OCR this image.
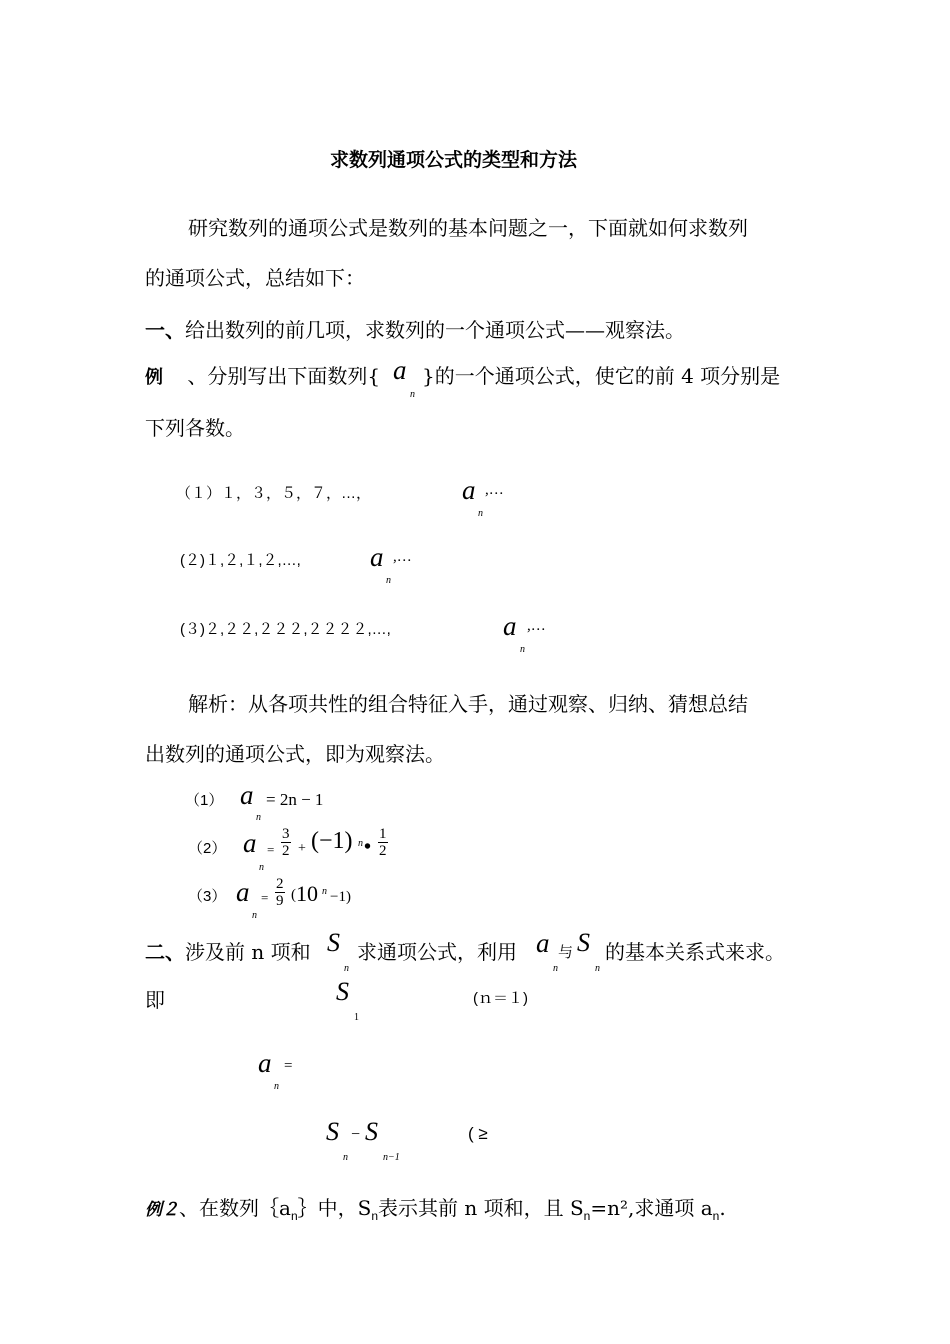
求数列通项公式的类型和方法
研究数列的通项公式是数列的基本问题之一，下面就如何求数列
的通项公式，总结如下：
一、给出数列的前几项，求数列的一个通项公式——观察法。
例 、分别写出下面数列{ a
n
}的一个通项公式，使它的前 4 项分别是
下列各数。
（１）１，３，５，７，…，	a
n
,…
(２)１,２,１,２,…,	a
n
,…
(３)２,２２,２２２,２２２２,…,	a
n
,…
解析：从各项共性的组合特征入手，通过观察、归纳、猜想总结
出数列的通项公式，即为观察法。
（1） a
n
= 2n − 1
（2） a
n
= $\frac{3}{2} + (-1)$ n • $\frac{1}{2}$
（3） a
n
= $\frac{2}{9}$ ( 10 n −1)
二、涉及前 n 项和 S
n
求通项公式，利用 a
n
与 S
n
的基本关系式来求。
即	S
1
(ｎ＝１)
a
n
=
S
n
− S
n−1
( ≥
例２、在数列$\{a_n\}$中，$S_n$表示其前 n 项和，且 $S_n=n^2$,求通项 $a_n$.
